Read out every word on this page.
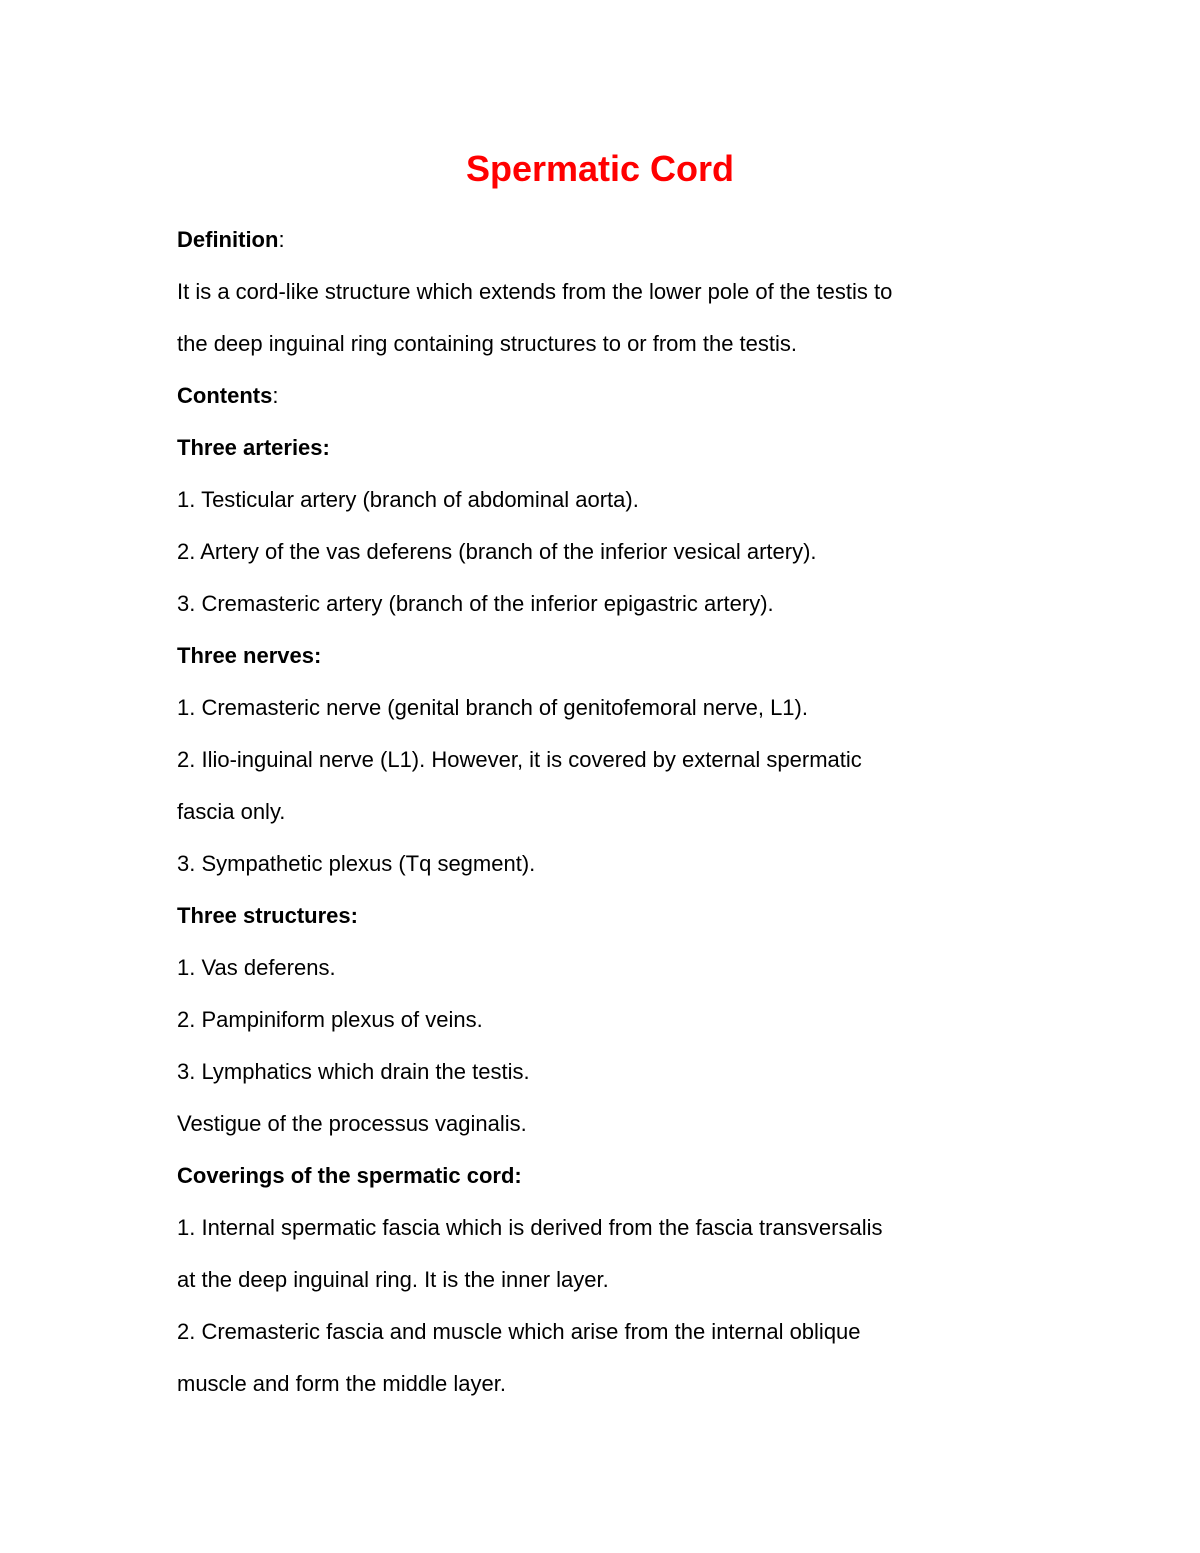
Spermatic Cord
Definition:
It is a cord-like structure which extends from the lower pole of the testis to
the deep inguinal ring containing structures to or from the testis.
Contents:
Three arteries:
1. Testicular artery (branch of abdominal aorta).
2. Artery of the vas deferens (branch of the inferior vesical artery).
3. Cremasteric artery (branch of the inferior epigastric artery).
Three nerves:
1. Cremasteric nerve (genital branch of genitofemoral nerve, L1).
2. Ilio-inguinal nerve (L1). However, it is covered by external spermatic
fascia only.
3. Sympathetic plexus (Tq segment).
Three structures:
1. Vas deferens.
2. Pampiniform plexus of veins.
3. Lymphatics which drain the testis.
Vestigue of the processus vaginalis.
Coverings of the spermatic cord:
1. Internal spermatic fascia which is derived from the fascia transversalis
at the deep inguinal ring. It is the inner layer.
2. Cremasteric fascia and muscle which arise from the internal oblique
muscle and form the middle layer.
